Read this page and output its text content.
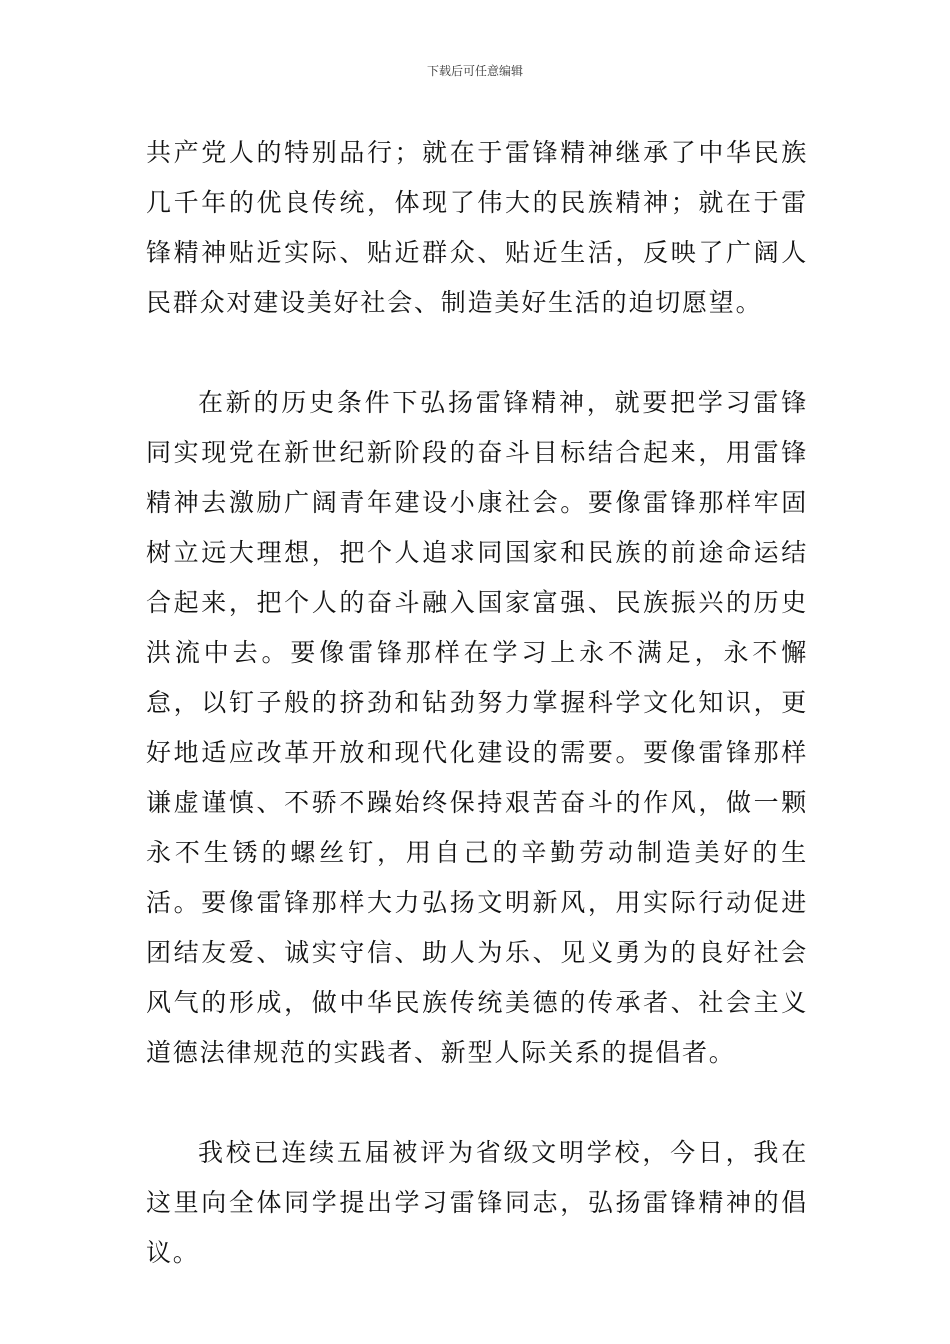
下载后可任意编辑

共产党人的特别品行；就在于雷锋精神继承了中华民族几千年的优良传统，体现了伟大的民族精神；就在于雷锋精神贴近实际、贴近群众、贴近生活，反映了广阔人民群众对建设美好社会、制造美好生活的迫切愿望。

在新的历史条件下弘扬雷锋精神，就要把学习雷锋同实现党在新世纪新阶段的奋斗目标结合起来，用雷锋精神去激励广阔青年建设小康社会。要像雷锋那样牢固树立远大理想，把个人追求同国家和民族的前途命运结合起来，把个人的奋斗融入国家富强、民族振兴的历史洪流中去。要像雷锋那样在学习上永不满足，永不懈怠，以钉子般的挤劲和钻劲努力掌握科学文化知识，更好地适应改革开放和现代化建设的需要。要像雷锋那样谦虚谨慎、不骄不躁始终保持艰苦奋斗的作风，做一颗永不生锈的螺丝钉，用自己的辛勤劳动制造美好的生活。要像雷锋那样大力弘扬文明新风，用实际行动促进团结友爱、诚实守信、助人为乐、见义勇为的良好社会风气的形成，做中华民族传统美德的传承者、社会主义道德法律规范的实践者、新型人际关系的提倡者。

我校已连续五届被评为省级文明学校，今日，我在这里向全体同学提出学习雷锋同志，弘扬雷锋精神的倡议。
